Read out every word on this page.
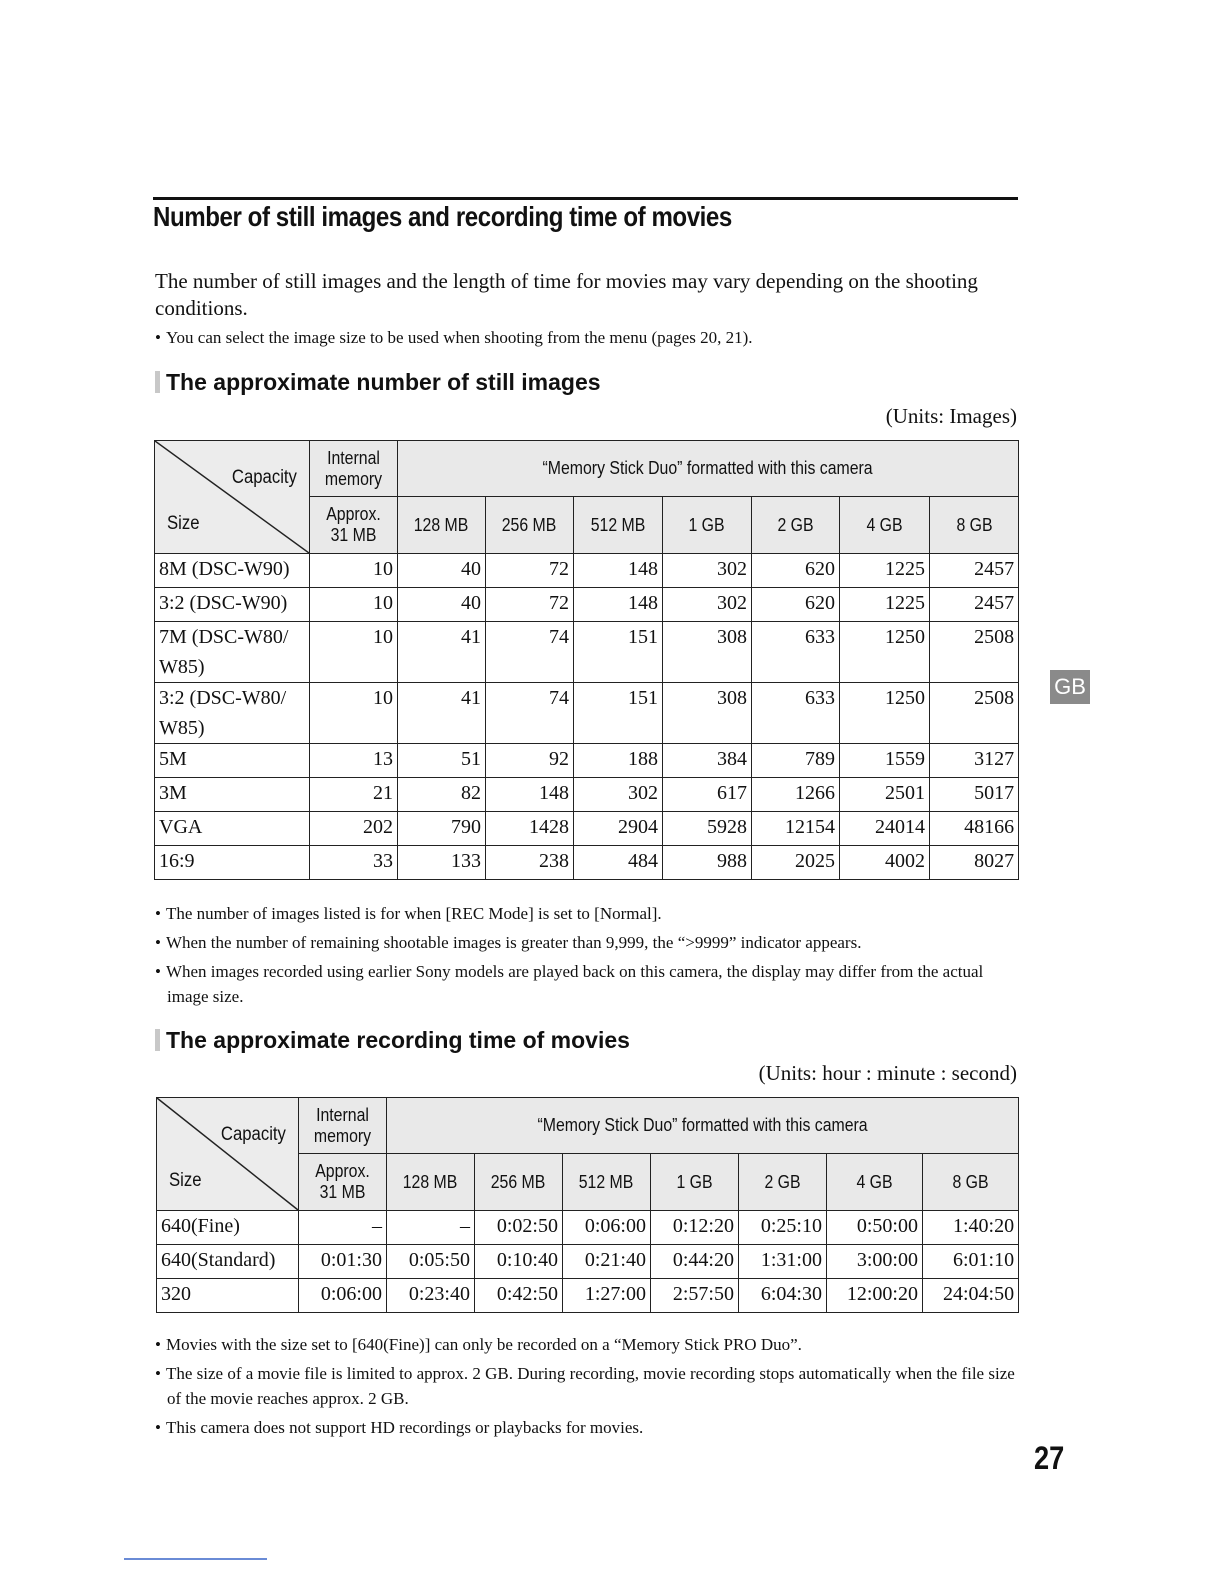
Number of still images and recording time of movies

The number of still images and the length of time for movies may vary depending on the shooting conditions.

• You can select the image size to be used when shooting from the menu (pages 20, 21).

The approximate number of still images
(Units: Images)
Capacity
Size	Internal memory	“Memory Stick Duo” formatted with this camera						
	Approx. 31 MB	128 MB	256 MB	512 MB	1 GB	2 GB	4 GB	8 GB
8M (DSC-W90)	10	40	72	148	302	620	1225	2457
3:2 (DSC-W90)	10	40	72	148	302	620	1225	2457
7M (DSC-W80/ W85)	10	41	74	151	308	633	1250	2508
3:2 (DSC-W80/ W85)	10	41	74	151	308	633	1250	2508
5M	13	51	92	188	384	789	1559	3127
3M	21	82	148	302	617	1266	2501	5017
VGA	202	790	1428	2904	5928	12154	24014	48166
16:9	33	133	238	484	988	2025	4002	8027

• The number of images listed is for when [REC Mode] is set to [Normal].

• When the number of remaining shootable images is greater than 9,999, the “>9999” indicator appears.

• When images recorded using earlier Sony models are played back on this camera, the display may differ from the actual image size.

The approximate recording time of movies
(Units: hour : minute : second)
Capacity
Size	Internal memory	“Memory Stick Duo” formatted with this camera						
	Approx. 31 MB	128 MB	256 MB	512 MB	1 GB	2 GB	4 GB	8 GB
640(Fine)	–	–	0:02:50	0:06:00	0:12:20	0:25:10	0:50:00	1:40:20
640(Standard)	0:01:30	0:05:50	0:10:40	0:21:40	0:44:20	1:31:00	3:00:00	6:01:10
320	0:06:00	0:23:40	0:42:50	1:27:00	2:57:50	6:04:30	12:00:20	24:04:50

• Movies with the size set to [640(Fine)] can only be recorded on a “Memory Stick PRO Duo”.

• The size of a movie file is limited to approx. 2 GB. During recording, movie recording stops automatically when the file size of the movie reaches approx. 2 GB.

• This camera does not support HD recordings or playbacks for movies.

GB
27
